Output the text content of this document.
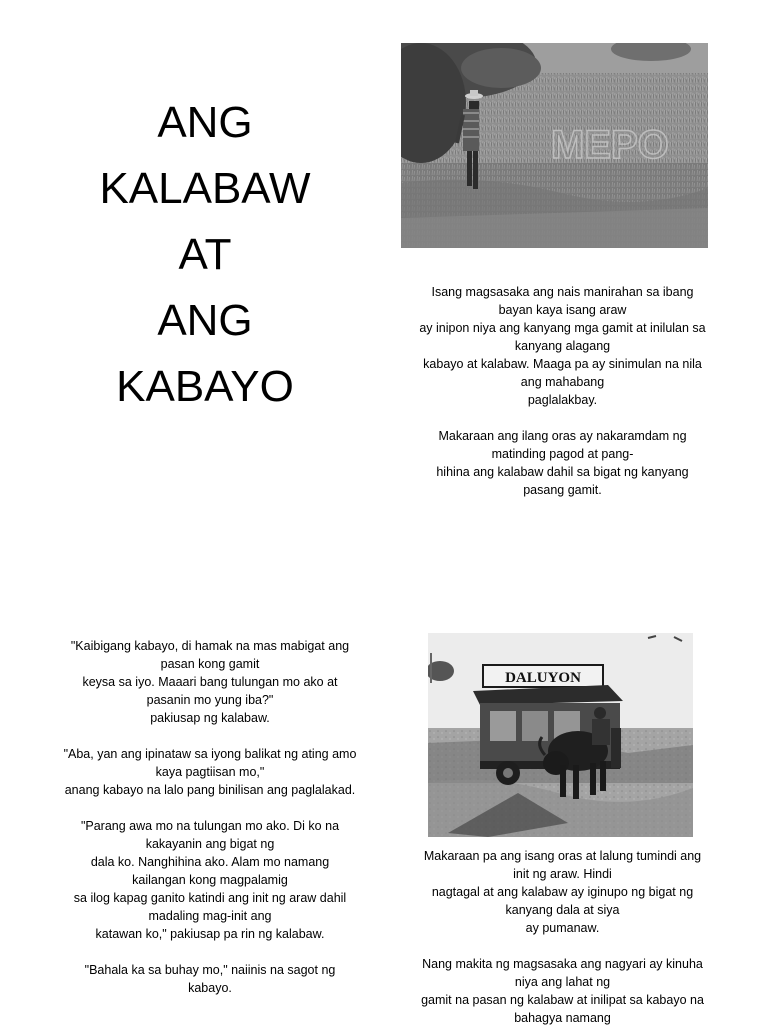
ANG
KALABAW
AT
ANG
KABAYO
MEPO
Isang magsasaka ang nais manirahan sa ibang
bayan kaya isang araw
ay inipon niya ang kanyang mga gamit at inilulan sa
kanyang alagang
kabayo at kalabaw. Maaga pa ay sinimulan na nila
ang mahabang
paglalakbay.
Makaraan ang ilang oras ay nakaramdam ng
matinding pagod at pang-
hihina ang kalabaw dahil sa bigat ng kanyang
pasang gamit.
DALUYON
"Kaibigang kabayo, di hamak na mas mabigat ang
pasan kong gamit
keysa sa iyo. Maaari bang tulungan mo ako at
pasanin mo yung iba?"
pakiusap ng kalabaw.
"Aba, yan ang ipinataw sa iyong balikat ng ating amo
kaya pagtiisan mo,"
anang kabayo na lalo pang binilisan ang paglalakad.
"Parang awa mo na tulungan mo ako. Di ko na
kakayanin ang bigat ng
dala ko. Nanghihina ako. Alam mo namang
kailangan kong magpalamig
sa ilog kapag ganito katindi ang init ng araw dahil
madaling mag-init ang
katawan ko," pakiusap pa rin ng kalabaw.
"Bahala ka sa buhay mo," naiinis na sagot ng
kabayo.
Makaraan pa ang isang oras at lalung tumindi ang
init ng araw. Hindi
nagtagal at ang kalabaw ay iginupo ng bigat ng
kanyang dala at siya
ay pumanaw.
Nang makita ng magsasaka ang nagyari ay kinuha
niya ang lahat ng
gamit na pasan ng kalabaw at inilipat sa kabayo na
bahagya namang
